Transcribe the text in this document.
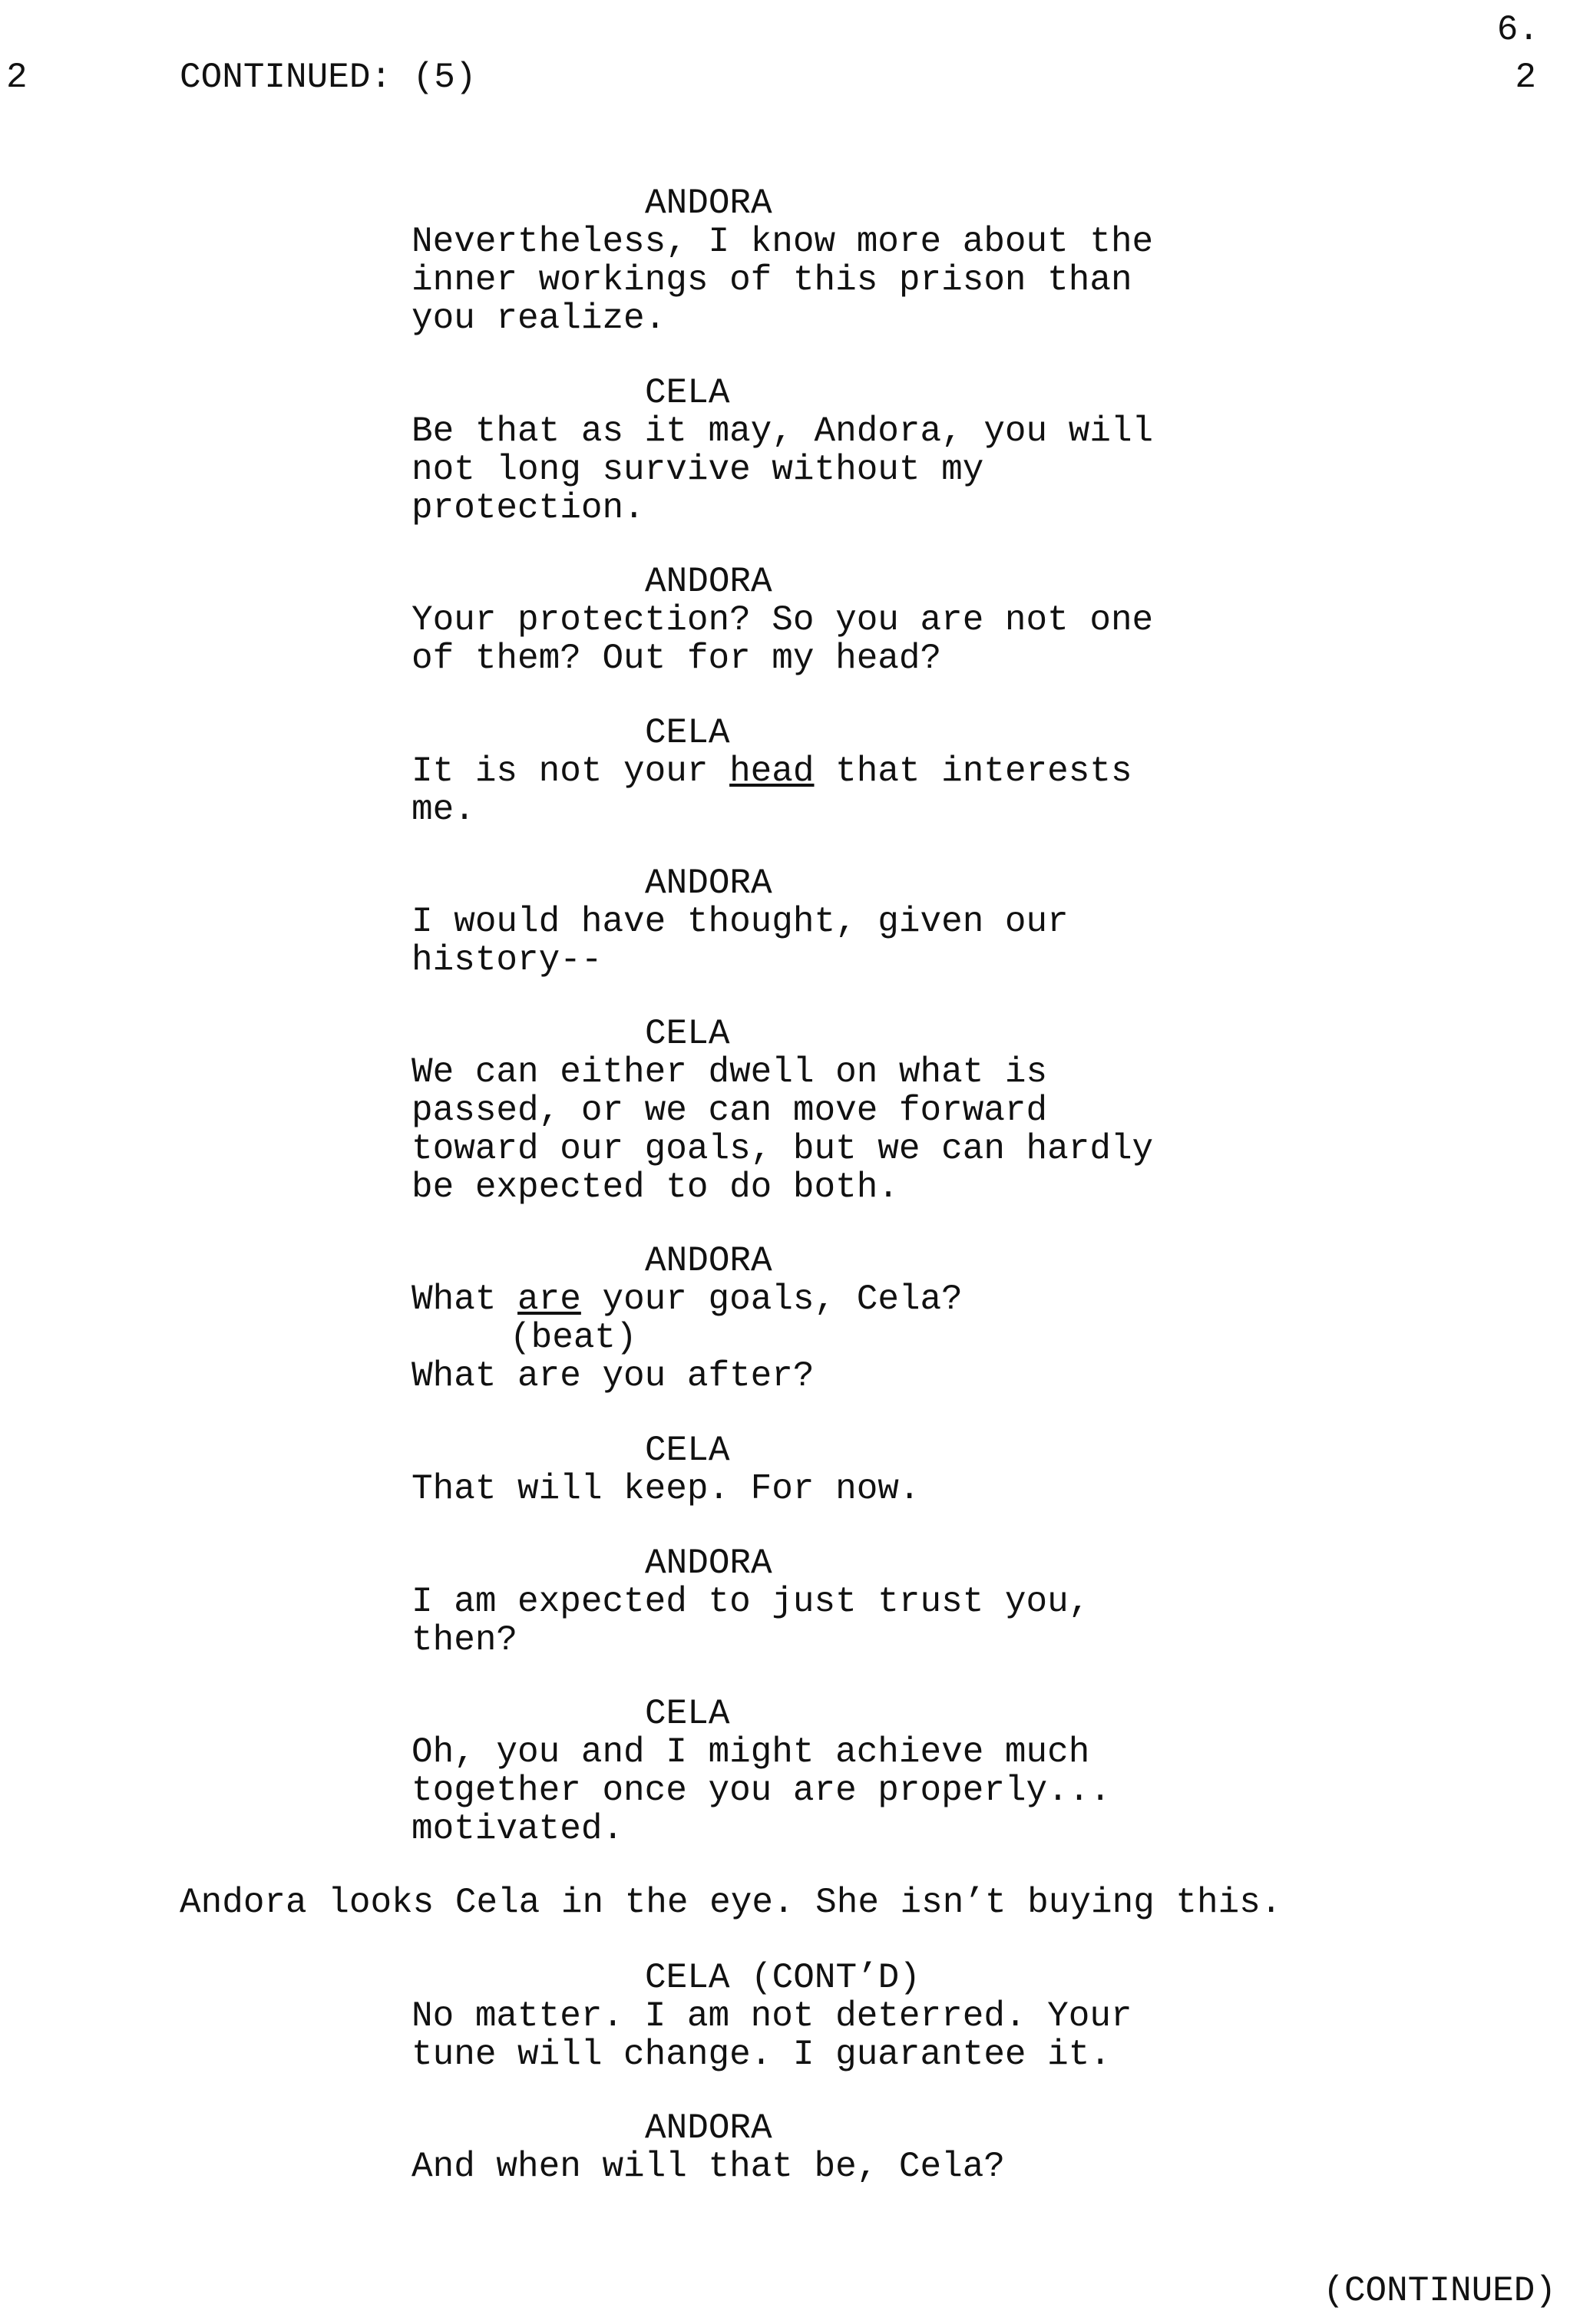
6.
2	CONTINUED: (5)	2
ANDORA
Nevertheless, I know more about the
inner workings of this prison than
you realize.
CELA
Be that as it may, Andora, you will
not long survive without my
protection.
ANDORA
Your protection? So you are not one
of them? Out for my head?
CELA
It is not your head that interests
me.
ANDORA
I would have thought, given our
history--
CELA
We can either dwell on what is
passed, or we can move forward
toward our goals, but we can hardly
be expected to do both.
ANDORA
What are your goals, Cela?
(beat)
What are you after?
CELA
That will keep. For now.
ANDORA
I am expected to just trust you,
then?
CELA
Oh, you and I might achieve much
together once you are properly...
motivated.
Andora looks Cela in the eye. She isn’t buying this.
CELA (CONT’D)
No matter. I am not deterred. Your
tune will change. I guarantee it.
ANDORA
And when will that be, Cela?
(CONTINUED)
